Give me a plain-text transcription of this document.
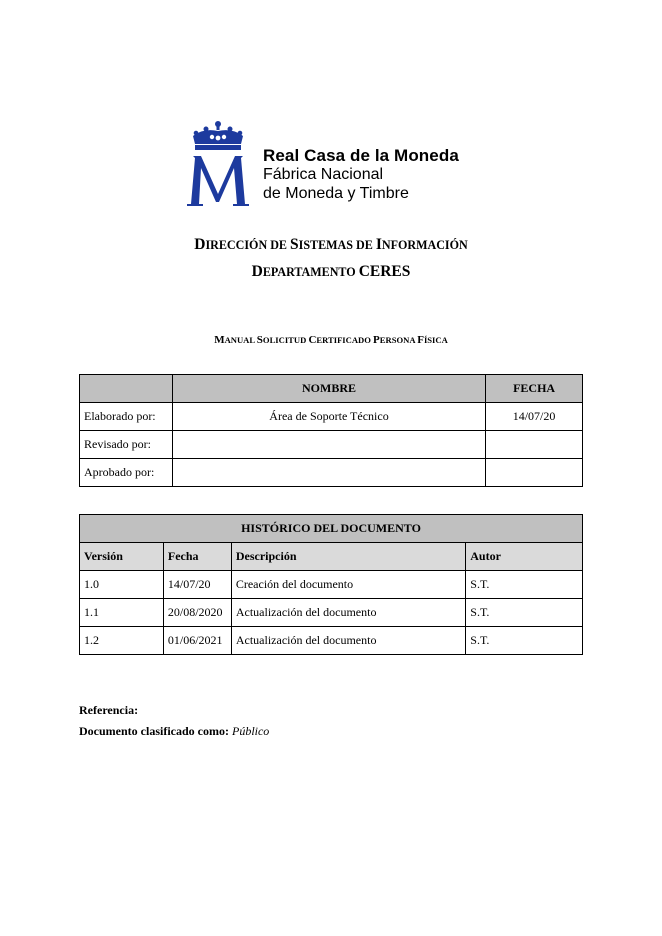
Real Casa de la Moneda
Fábrica Nacional
de Moneda y Timbre
DIRECCIÓN DE SISTEMAS DE INFORMACIÓN
DEPARTAMENTO CERES
MANUAL SOLICITUD CERTIFICADO PERSONA FÍSICA
	NOMBRE	FECHA
Elaborado por:	Área de Soporte Técnico	14/07/20
Revisado por:		
Aprobado por:		
HISTÓRICO DEL DOCUMENTO			
Versión	Fecha	Descripción	Autor
1.0	14/07/20	Creación del documento	S.T.
1.1	20/08/2020	Actualización del documento	S.T.
1.2	01/06/2021	Actualización del documento	S.T.
Referencia:
Documento clasificado como: Público
